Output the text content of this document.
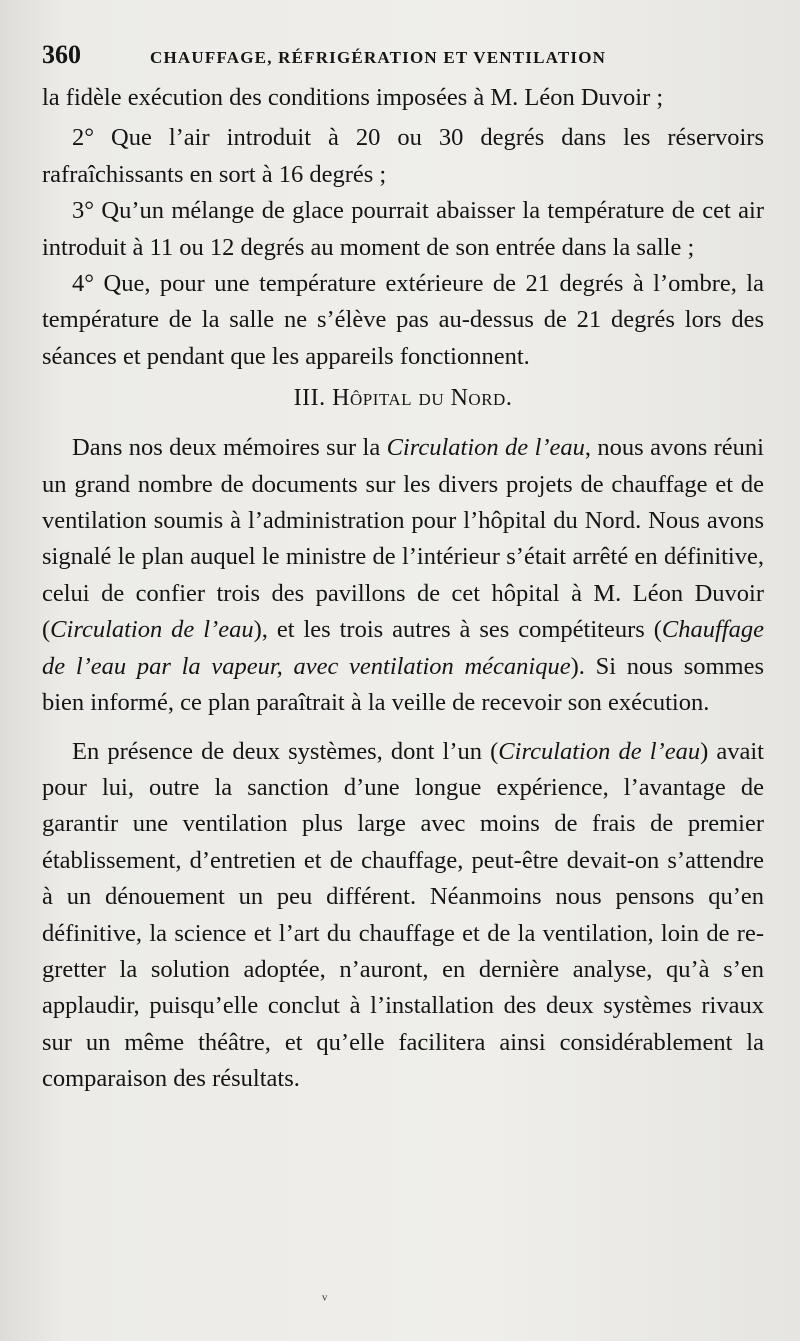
360	CHAUFFAGE, RÉFRIGÉRATION ET VENTILATION

la fidèle exécution des conditions imposées à M. Léon Duvoir ;

2° Que l’air introduit à 20 ou 30 degrés dans les réservoirs rafraîchissants en sort à 16 degrés ;

3° Qu’un mélange de glace pourrait abaisser la température de cet air introduit à 11 ou 12 degrés au moment de son entrée dans la salle ;

4° Que, pour une température extérieure de 21 degrés à l’ombre, la température de la salle ne s’élève pas au-dessus de 21 degrés lors des séances et pendant que les appareils fonctionnent.

III. Hôpital du Nord.

Dans nos deux mémoires sur la Circulation de l’eau, nous avons réuni un grand nombre de documents sur les divers projets de chauffage et de ventilation soumis à l’administration pour l’hôpital du Nord. Nous avons signalé le plan auquel le ministre de l’intérieur s’était arrêté en définitive, celui de confier trois des pavillons de cet hôpital à M. Léon Duvoir (Circulation de l’eau), et les trois autres à ses compétiteurs (Chauffage de l’eau par la vapeur, avec ventilation mécanique). Si nous sommes bien informé, ce plan paraîtrait à la veille de recevoir son exécution.

En présence de deux systèmes, dont l’un (Circulation de l’eau) avait pour lui, outre la sanction d’une longue expérience, l’avantage de garantir une ventilation plus large avec moins de frais de premier établissement, d’entretien et de chauffage, peut-être devait-on s’attendre à un dénouement un peu différent. Néanmoins nous pensons qu’en définitive, la science et l’art du chauffage et de la ventilation, loin de regretter la solution adoptée, n’auront, en dernière analyse, qu’à s’en applaudir, puisqu’elle conclut à l’installation des deux systèmes rivaux sur un même théâtre, et qu’elle facilitera ainsi considérablement la comparaison des résultats.

ᵥ
